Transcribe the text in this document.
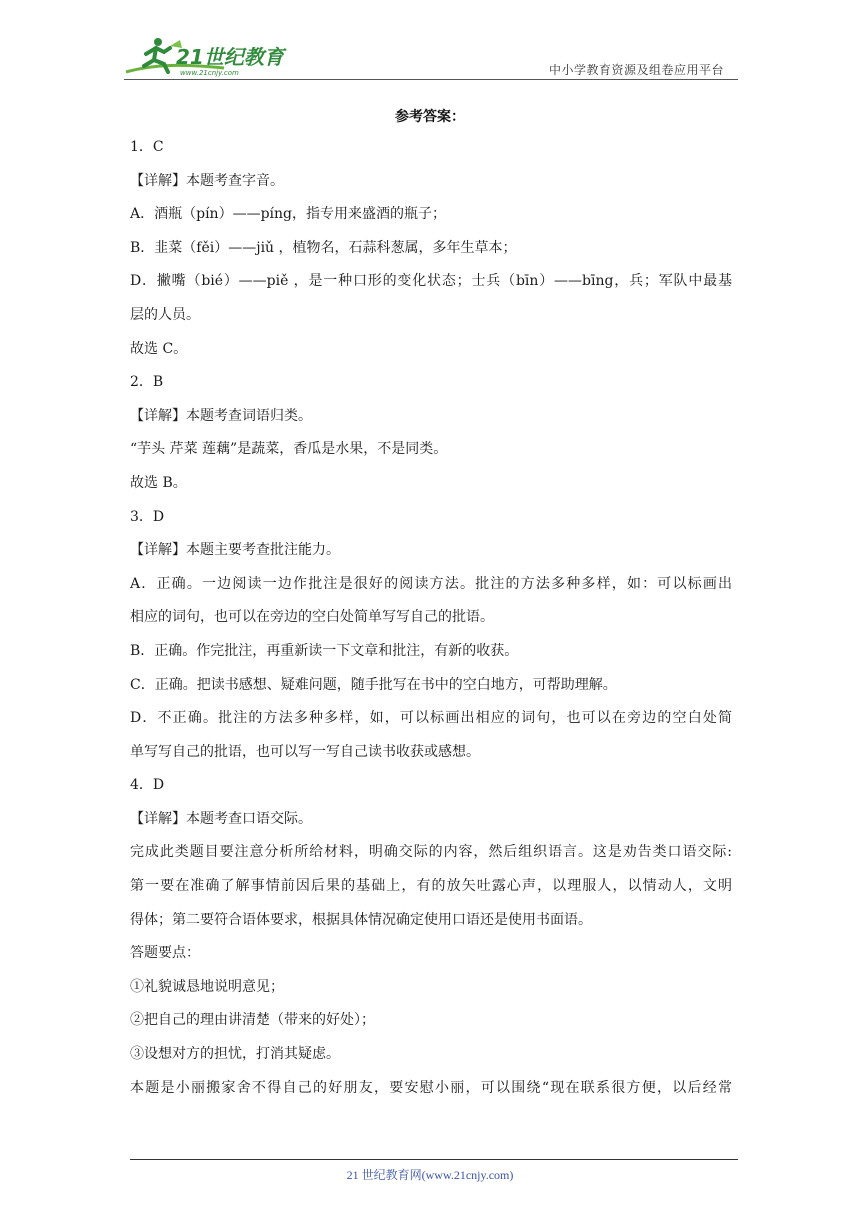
21世纪教育
www.21cnjy.com	中小学教育资源及组卷应用平台
参考答案：
1．C
【详解】本题考查字音。
A．酒瓶（pín）——píng，指专用来盛酒的瓶子；
B．韭菜（fěi）——jiǔ ，植物名，石蒜科葱属，多年生草本；
D．撇嘴（bié）——piě ，是一种口形的变化状态；士兵（bīn）——bīng，兵；军队中最基
层的人员。
故选 C。
2．B
【详解】本题考查词语归类。
“芋头 芹菜 莲藕”是蔬菜，香瓜是水果，不是同类。
故选 B。
3．D
【详解】本题主要考查批注能力。
A．正确。一边阅读一边作批注是很好的阅读方法。批注的方法多种多样，如：可以标画出
相应的词句，也可以在旁边的空白处简单写写自己的批语。
B．正确。作完批注，再重新读一下文章和批注，有新的收获。
C．正确。把读书感想、疑难问题，随手批写在书中的空白地方，可帮助理解。
D．不正确。批注的方法多种多样，如，可以标画出相应的词句，也可以在旁边的空白处简
单写写自己的批语，也可以写一写自己读书收获或感想。
4．D
【详解】本题考查口语交际。
完成此类题目要注意分析所给材料，明确交际的内容，然后组织语言。这是劝告类口语交际:
第一要在准确了解事情前因后果的基础上，有的放矢吐露心声，以理服人，以情动人，文明
得体；第二要符合语体要求，根据具体情况确定使用口语还是使用书面语。
答题要点：
①礼貌诚恳地说明意见；
②把自己的理由讲清楚（带来的好处）；
③设想对方的担忧，打消其疑虑。
本题是小丽搬家舍不得自己的好朋友，要安慰小丽，可以围绕“现在联系很方便，以后经常
21 世纪教育网(www.21cnjy.com)
